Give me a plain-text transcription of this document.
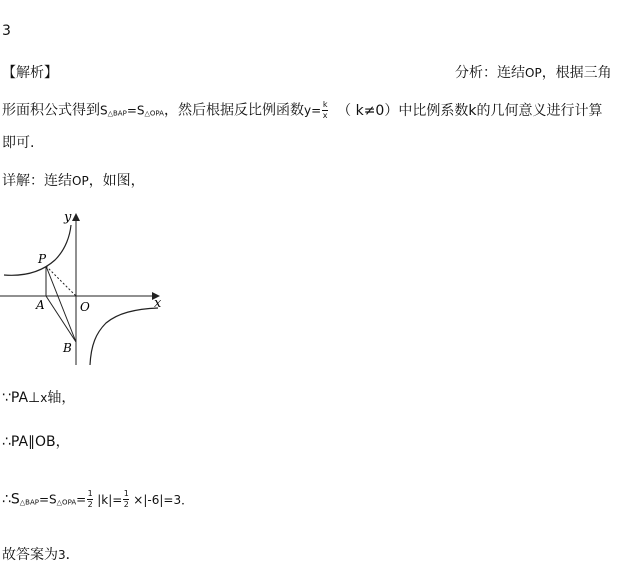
3
【解析】	分析：连结OP，根据三角
形面积公式得到S△BAP=S△OPA，然后根据反比例函数$y= \frac{k}{x}$ （ k≠0）中比例系数k的几何意义进行计算
即可.
详解：连结OP，如图，
y
x
P
A	O
B
∵PA⊥x轴，
∴PA∥OB，
∴S△BAP=S△OPA= $\frac{1}{2} |k|= \frac{1}{2} \times|-6|=3$．
故答案为3．
